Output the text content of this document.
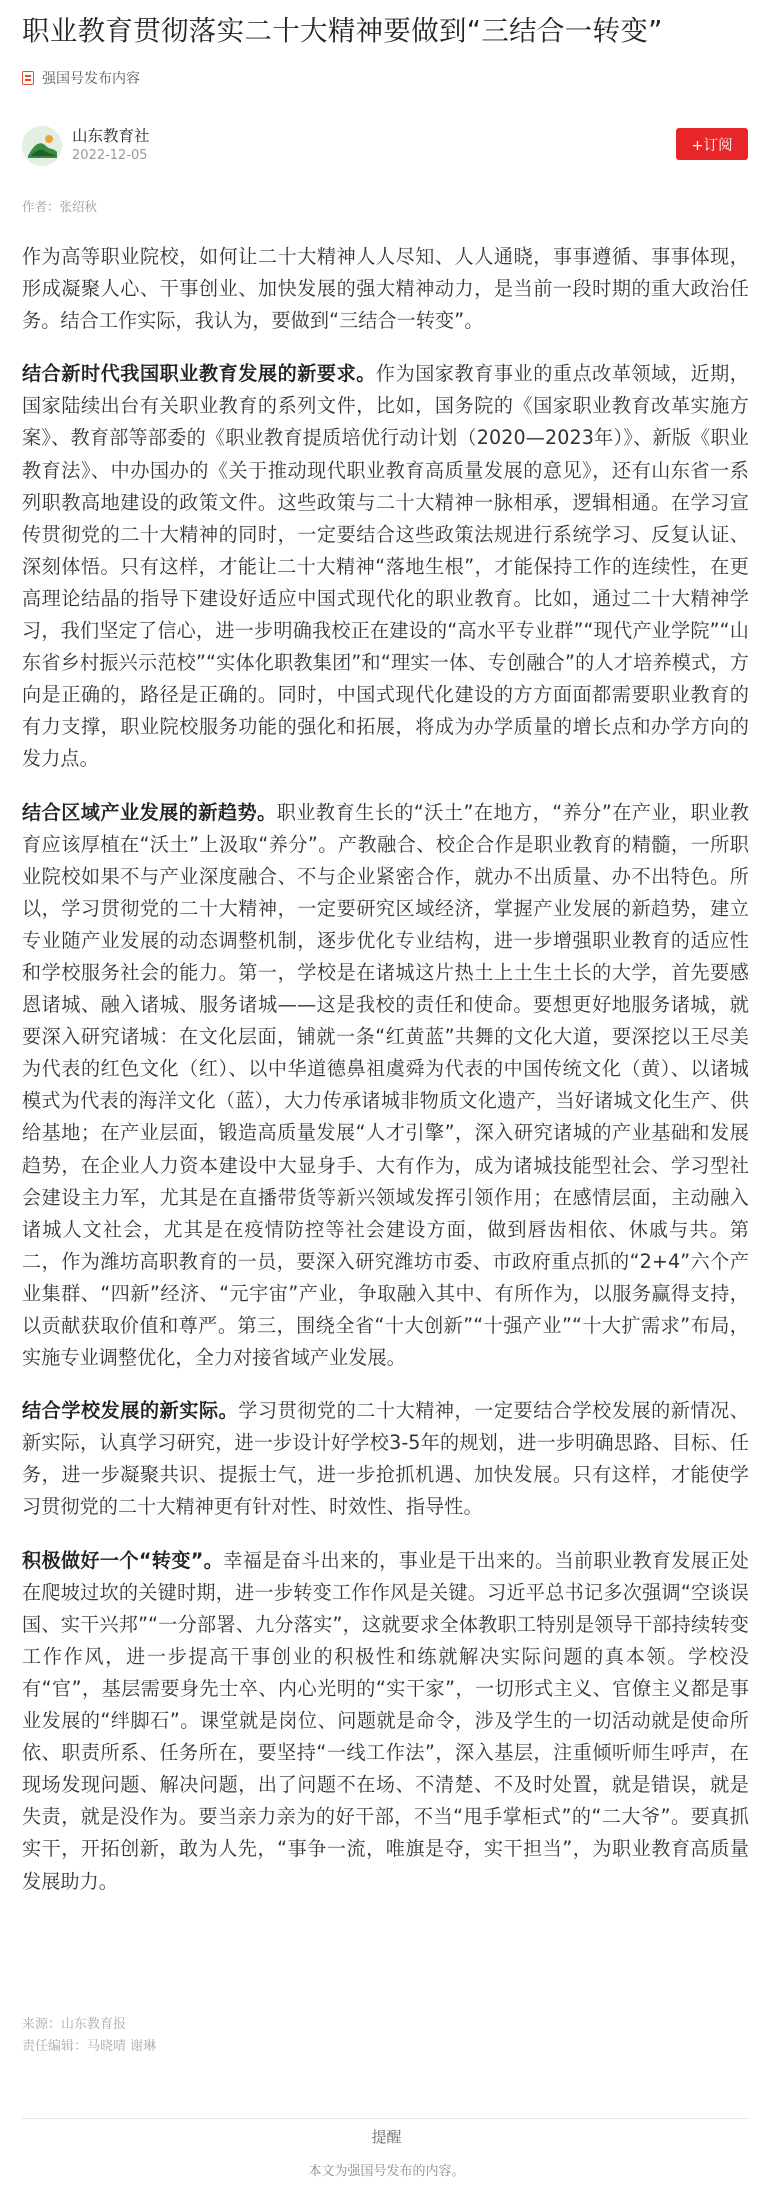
职业教育贯彻落实二十大精神要做到“三结合一转变”
强国号发布内容
山东教育社
2022-12-05
+订阅
作者：张绍秋

作为高等职业院校，如何让二十大精神人人尽知、人人通晓，事事遵循、事事体现，形成凝聚人心、干事创业、加快发展的强大精神动力，是当前一段时期的重大政治任务。结合工作实际，我认为，要做到“三结合一转变”。

结合新时代我国职业教育发展的新要求。作为国家教育事业的重点改革领域，近期，国家陆续出台有关职业教育的系列文件，比如，国务院的《国家职业教育改革实施方案》、教育部等部委的《职业教育提质培优行动计划（2020—2023年）》、新版《职业教育法》、中办国办的《关于推动现代职业教育高质量发展的意见》，还有山东省一系列职教高地建设的政策文件。这些政策与二十大精神一脉相承，逻辑相通。在学习宣传贯彻党的二十大精神的同时，一定要结合这些政策法规进行系统学习、反复认证、深刻体悟。只有这样，才能让二十大精神“落地生根”，才能保持工作的连续性，在更高理论结晶的指导下建设好适应中国式现代化的职业教育。比如，通过二十大精神学习，我们坚定了信心，进一步明确我校正在建设的“高水平专业群”“现代产业学院”“山东省乡村振兴示范校”“实体化职教集团”和“理实一体、专创融合”的人才培养模式，方向是正确的，路径是正确的。同时，中国式现代化建设的方方面面都需要职业教育的有力支撑，职业院校服务功能的强化和拓展，将成为办学质量的增长点和办学方向的发力点。

结合区域产业发展的新趋势。职业教育生长的“沃土”在地方，“养分”在产业，职业教育应该厚植在“沃土”上汲取“养分”。产教融合、校企合作是职业教育的精髓，一所职业院校如果不与产业深度融合、不与企业紧密合作，就办不出质量、办不出特色。所以，学习贯彻党的二十大精神，一定要研究区域经济，掌握产业发展的新趋势，建立专业随产业发展的动态调整机制，逐步优化专业结构，进一步增强职业教育的适应性和学校服务社会的能力。第一，学校是在诸城这片热土上土生土长的大学，首先要感恩诸城、融入诸城、服务诸城——这是我校的责任和使命。要想更好地服务诸城，就要深入研究诸城：在文化层面，铺就一条“红黄蓝”共舞的文化大道，要深挖以王尽美为代表的红色文化（红）、以中华道德鼻祖虞舜为代表的中国传统文化（黄）、以诸城模式为代表的海洋文化（蓝），大力传承诸城非物质文化遗产，当好诸城文化生产、供给基地；在产业层面，锻造高质量发展“人才引擎”，深入研究诸城的产业基础和发展趋势，在企业人力资本建设中大显身手、大有作为，成为诸城技能型社会、学习型社会建设主力军，尤其是在直播带货等新兴领域发挥引领作用；在感情层面，主动融入诸城人文社会，尤其是在疫情防控等社会建设方面，做到唇齿相依、休戚与共。第二，作为潍坊高职教育的一员，要深入研究潍坊市委、市政府重点抓的“2+4”六个产业集群、“四新”经济、“元宇宙”产业，争取融入其中、有所作为，以服务赢得支持，以贡献获取价值和尊严。第三，围绕全省“十大创新”“十强产业”“十大扩需求”布局，实施专业调整优化，全力对接省域产业发展。

结合学校发展的新实际。学习贯彻党的二十大精神，一定要结合学校发展的新情况、新实际，认真学习研究，进一步设计好学校3-5年的规划，进一步明确思路、目标、任务，进一步凝聚共识、提振士气，进一步抢抓机遇、加快发展。只有这样，才能使学习贯彻党的二十大精神更有针对性、时效性、指导性。

积极做好一个“转变”。幸福是奋斗出来的，事业是干出来的。当前职业教育发展正处在爬坡过坎的关键时期，进一步转变工作作风是关键。习近平总书记多次强调“空谈误国、实干兴邦”“一分部署、九分落实”，这就要求全体教职工特别是领导干部持续转变工作作风，进一步提高干事创业的积极性和练就解决实际问题的真本领。学校没有“官”，基层需要身先士卒、内心光明的“实干家”，一切形式主义、官僚主义都是事业发展的“绊脚石”。课堂就是岗位、问题就是命令，涉及学生的一切活动就是使命所依、职责所系、任务所在，要坚持“一线工作法”，深入基层，注重倾听师生呼声，在现场发现问题、解决问题，出了问题不在场、不清楚、不及时处置，就是错误，就是失责，就是没作为。要当亲力亲为的好干部，不当“甩手掌柜式”的“二大爷”。要真抓实干，开拓创新，敢为人先，“事争一流，唯旗是夺，实干担当”，为职业教育高质量发展助力。

来源：山东教育报
责任编辑：马晓晴 谢琳
提醒
本文为强国号发布的内容。
